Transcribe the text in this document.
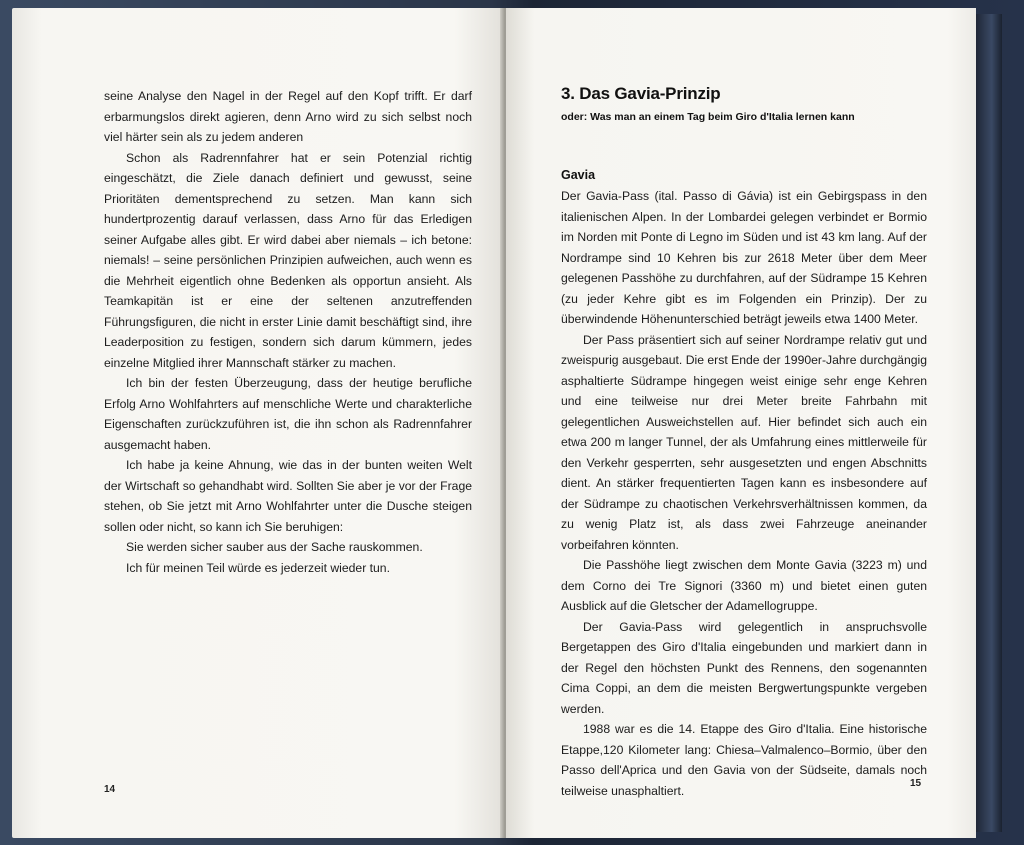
seine Analyse den Nagel in der Regel auf den Kopf trifft. Er darf erbarmungslos direkt agieren, denn Arno wird zu sich selbst noch viel härter sein als zu jedem anderen

Schon als Radrennfahrer hat er sein Potenzial richtig eingeschätzt, die Ziele danach definiert und gewusst, seine Prioritäten dementsprechend zu setzen. Man kann sich hundertprozentig darauf verlassen, dass Arno für das Erledigen seiner Aufgabe alles gibt. Er wird dabei aber niemals – ich betone: niemals! – seine persönlichen Prinzipien aufweichen, auch wenn es die Mehrheit eigentlich ohne Bedenken als opportun ansieht. Als Teamkapitän ist er eine der seltenen anzutreffenden Führungsfiguren, die nicht in erster Linie damit beschäftigt sind, ihre Leaderposition zu festigen, sondern sich darum kümmern, jedes einzelne Mitglied ihrer Mannschaft stärker zu machen.

Ich bin der festen Überzeugung, dass der heutige berufliche Erfolg Arno Wohlfahrters auf menschliche Werte und charakterliche Eigenschaften zurückzuführen ist, die ihn schon als Radrennfahrer ausgemacht haben.

Ich habe ja keine Ahnung, wie das in der bunten weiten Welt der Wirtschaft so gehandhabt wird. Sollten Sie aber je vor der Frage stehen, ob Sie jetzt mit Arno Wohlfahrter unter die Dusche steigen sollen oder nicht, so kann ich Sie beruhigen:

Sie werden sicher sauber aus der Sache rauskommen.

Ich für meinen Teil würde es jederzeit wieder tun.

14
3. Das Gavia-Prinzip
oder: Was man an einem Tag beim Giro d'Italia lernen kann
Gavia

Der Gavia-Pass (ital. Passo di Gávia) ist ein Gebirgspass in den italienischen Alpen. In der Lombardei gelegen verbindet er Bormio im Norden mit Ponte di Legno im Süden und ist 43 km lang. Auf der Nordrampe sind 10 Kehren bis zur 2618 Meter über dem Meer gelegenen Passhöhe zu durchfahren, auf der Südrampe 15 Kehren (zu jeder Kehre gibt es im Folgenden ein Prinzip). Der zu überwindende Höhenunterschied beträgt jeweils etwa 1400 Meter.

Der Pass präsentiert sich auf seiner Nordrampe relativ gut und zweispurig ausgebaut. Die erst Ende der 1990er-Jahre durchgängig asphaltierte Südrampe hingegen weist einige sehr enge Kehren und eine teilweise nur drei Meter breite Fahrbahn mit gelegentlichen Ausweichstellen auf. Hier befindet sich auch ein etwa 200 m langer Tunnel, der als Umfahrung eines mittlerweile für den Verkehr gesperrten, sehr ausgesetzten und engen Abschnitts dient. An stärker frequentierten Tagen kann es insbesondere auf der Südrampe zu chaotischen Verkehrsverhältnissen kommen, da zu wenig Platz ist, als dass zwei Fahrzeuge aneinander vorbeifahren könnten.

Die Passhöhe liegt zwischen dem Monte Gavia (3223 m) und dem Corno dei Tre Signori (3360 m) und bietet einen guten Ausblick auf die Gletscher der Adamellogruppe.

Der Gavia-Pass wird gelegentlich in anspruchsvolle Bergetappen des Giro d'Italia eingebunden und markiert dann in der Regel den höchsten Punkt des Rennens, den sogenannten Cima Coppi, an dem die meisten Bergwertungspunkte vergeben werden.

1988 war es die 14. Etappe des Giro d'Italia. Eine historische Etappe,120 Kilometer lang: Chiesa–Valmalenco–Bormio, über den Passo dell'Aprica und den Gavia von der Südseite, damals noch teilweise unasphaltiert.	15
